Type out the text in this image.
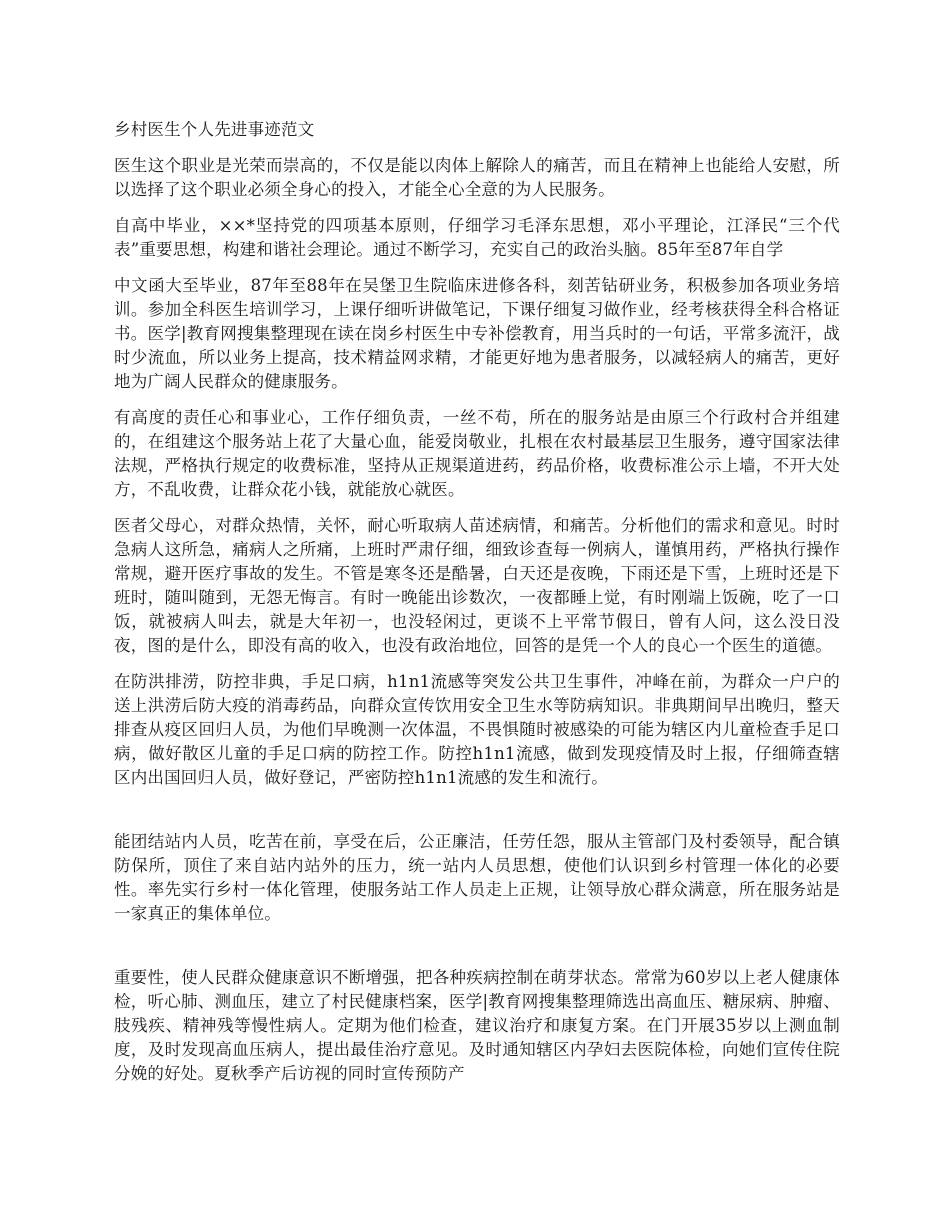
乡村医生个人先进事迹范文

医生这个职业是光荣而崇高的，不仅是能以肉体上解除人的痛苦，而且在精神上也能给人安慰，所以选择了这个职业必须全身心的投入，才能全心全意的为人民服务。

自高中毕业，××*坚持党的四项基本原则，仔细学习毛泽东思想，邓小平理论，江泽民“三个代表”重要思想，构建和谐社会理论。通过不断学习，充实自己的政治头脑。85年至87年自学

中文函大至毕业，87年至88年在吴堡卫生院临床进修各科，刻苦钻研业务，积极参加各项业务培训。参加全科医生培训学习，上课仔细听讲做笔记，下课仔细复习做作业，经考核获得全科合格证书。医学|教育网搜集整理现在读在岗乡村医生中专补偿教育，用当兵时的一句话，平常多流汗，战时少流血，所以业务上提高，技术精益网求精，才能更好地为患者服务，以减轻病人的痛苦，更好地为广阔人民群众的健康服务。

有高度的责任心和事业心，工作仔细负责，一丝不苟，所在的服务站是由原三个行政村合并组建的，在组建这个服务站上花了大量心血，能爱岗敬业，扎根在农村最基层卫生服务，遵守国家法律法规，严格执行规定的收费标准，坚持从正规渠道进药，药品价格，收费标准公示上墙，不开大处方，不乱收费，让群众花小钱，就能放心就医。

医者父母心，对群众热情，关怀，耐心听取病人苗述病情，和痛苦。分析他们的需求和意见。时时急病人这所急，痛病人之所痛，上班时严肃仔细，细致诊查每一例病人，谨慎用药，严格执行操作常规，避开医疗事故的发生。不管是寒冬还是酷暑，白天还是夜晚，下雨还是下雪，上班时还是下班时，随叫随到，无怨无悔言。有时一晚能出诊数次，一夜都睡上觉，有时刚端上饭碗，吃了一口饭，就被病人叫去，就是大年初一，也没轻闲过，更谈不上平常节假日，曾有人问，这么没日没夜，图的是什么，即没有高的收入，也没有政治地位，回答的是凭一个人的良心一个医生的道德。

在防洪排涝，防控非典，手足口病，h1n1流感等突发公共卫生事件，冲峰在前，为群众一户户的送上洪涝后防大疫的消毒药品，向群众宣传饮用安全卫生水等防病知识。非典期间早出晚归，整天排查从疫区回归人员，为他们早晚测一次体温，不畏惧随时被感染的可能为辖区内儿童检查手足口病，做好散区儿童的手足口病的防控工作。防控h1n1流感，做到发现疫情及时上报，仔细筛查辖区内出国回归人员，做好登记，严密防控h1n1流感的发生和流行。

能团结站内人员，吃苦在前，享受在后，公正廉洁，任劳任怨，服从主管部门及村委领导，配合镇防保所，顶住了来自站内站外的压力，统一站内人员思想，使他们认识到乡村管理一体化的必要性。率先实行乡村一体化管理，使服务站工作人员走上正规，让领导放心群众满意，所在服务站是一家真正的集体单位。

重要性，使人民群众健康意识不断增强，把各种疾病控制在萌芽状态。常常为60岁以上老人健康体检，听心肺、测血压，建立了村民健康档案，医学|教育网搜集整理筛选出高血压、糖尿病、肿瘤、肢残疾、精神残等慢性病人。定期为他们检查，建议治疗和康复方案。在门开展35岁以上测血制度，及时发现高血压病人，提出最佳治疗意见。及时通知辖区内孕妇去医院体检，向她们宣传住院分娩的好处。夏秋季产后访视的同时宣传预防产
